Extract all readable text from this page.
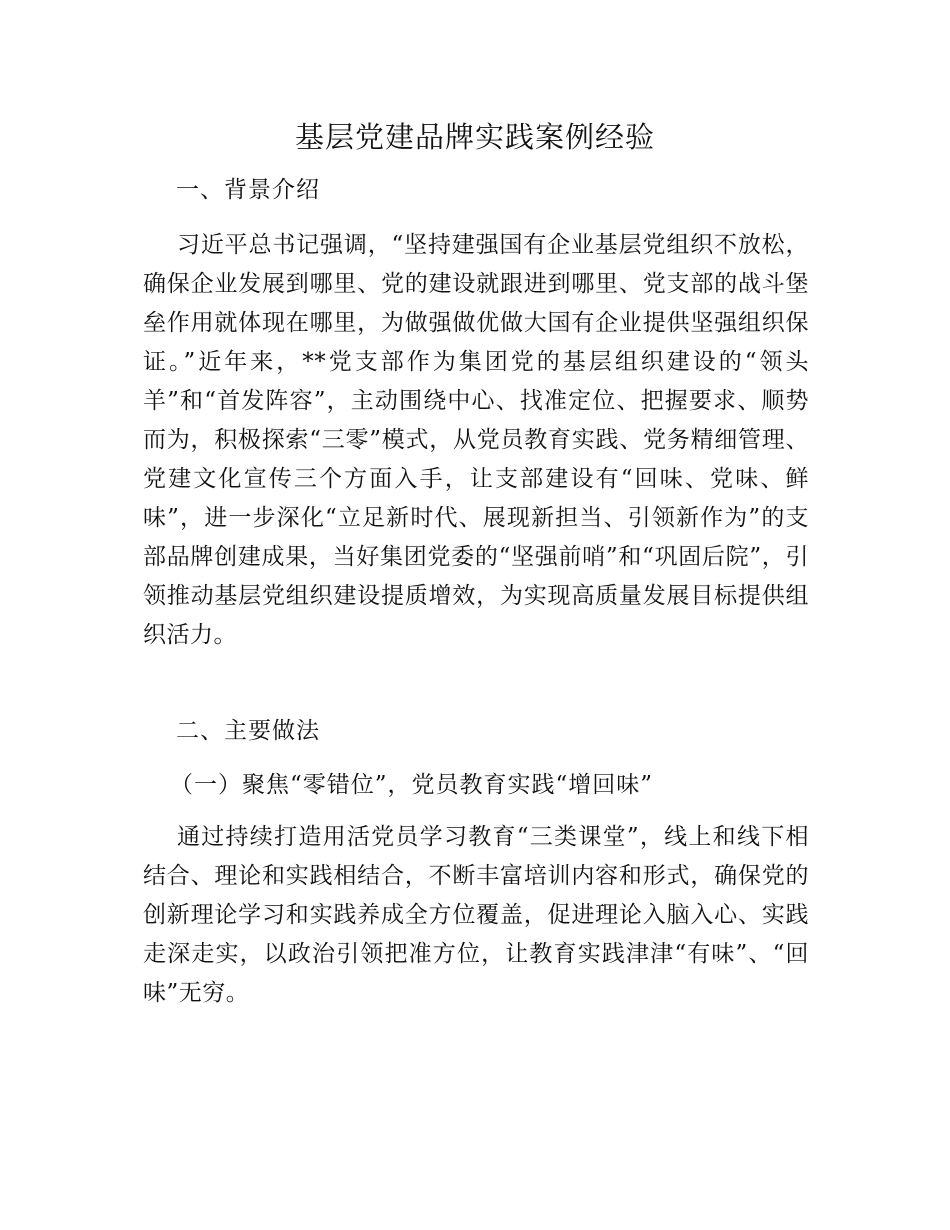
基层党建品牌实践案例经验
一、背景介绍
习近平总书记强调，“坚持建强国有企业基层党组织不放松，确保企业发展到哪里、党的建设就跟进到哪里、党支部的战斗堡垒作用就体现在哪里，为做强做优做大国有企业提供坚强组织保证。”近年来，**党支部作为集团党的基层组织建设的“领头羊”和“首发阵容”，主动围绕中心、找准定位、把握要求、顺势而为，积极探索“三零”模式，从党员教育实践、党务精细管理、党建文化宣传三个方面入手，让支部建设有“回味、党味、鲜味”，进一步深化“立足新时代、展现新担当、引领新作为”的支部品牌创建成果，当好集团党委的“坚强前哨”和“巩固后院”，引领推动基层党组织建设提质增效，为实现高质量发展目标提供组织活力。
二、主要做法
（一）聚焦“零错位”，党员教育实践“增回味”
通过持续打造用活党员学习教育“三类课堂”，线上和线下相结合、理论和实践相结合，不断丰富培训内容和形式，确保党的创新理论学习和实践养成全方位覆盖，促进理论入脑入心、实践走深走实，以政治引领把准方位，让教育实践津津“有味”、“回味”无穷。
